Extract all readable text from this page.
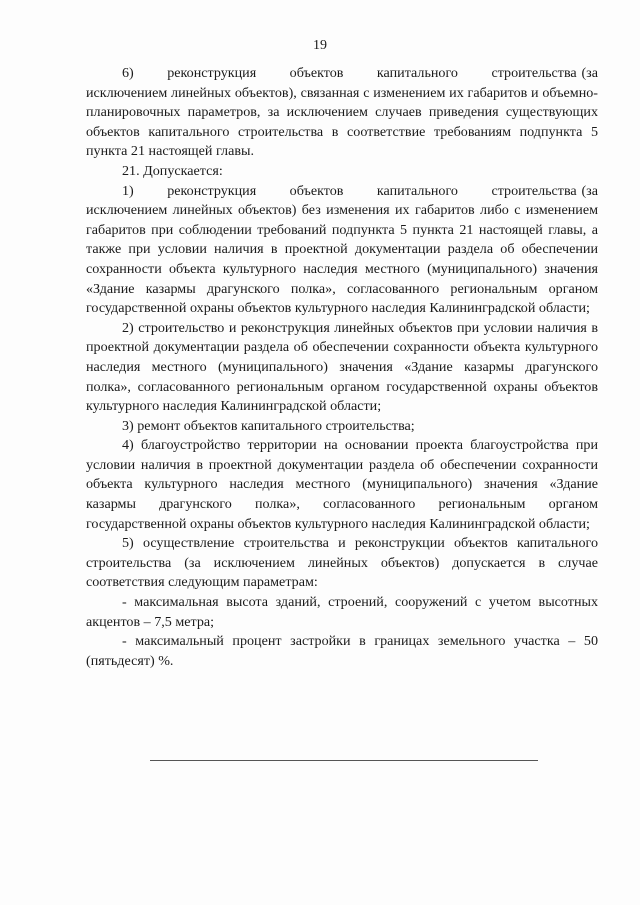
19

6)       реконструкция       объектов       капитального       строительства (за исключением линейных объектов), связанная с изменением их габаритов и объемно-планировочных параметров, за исключением случаев приведения существующих объектов капитального строительства в соответствие требованиям подпункта 5 пункта 21 настоящей главы.

21. Допускается:

1)       реконструкция       объектов       капитального       строительства (за исключением линейных объектов) без изменения их габаритов либо с изменением габаритов при соблюдении требований подпункта 5 пункта 21 настоящей главы, а также при условии наличия в проектной документации раздела об обеспечении сохранности объекта культурного наследия местного (муниципального) значения «Здание казармы драгунского полка», согласованного региональным органом государственной охраны объектов культурного наследия Калининградской области;

2) строительство и реконструкция линейных объектов при условии наличия в проектной документации раздела об обеспечении сохранности объекта культурного наследия местного (муниципального) значения «Здание казармы драгунского полка», согласованного региональным органом государственной охраны объектов культурного наследия Калининградской области;

3) ремонт объектов капитального строительства;

4) благоустройство территории на основании проекта благоустройства при условии наличия в проектной документации раздела об обеспечении сохранности объекта культурного наследия местного (муниципального) значения «Здание казармы драгунского полка», согласованного региональным органом государственной охраны объектов культурного наследия Калининградской области;

5) осуществление строительства и реконструкции объектов капитального строительства (за исключением линейных объектов) допускается в случае соответствия следующим параметрам:

- максимальная высота зданий, строений, сооружений с учетом высотных акцентов – 7,5 метра;

- максимальный процент застройки в границах земельного участка – 50 (пятьдесят) %.
